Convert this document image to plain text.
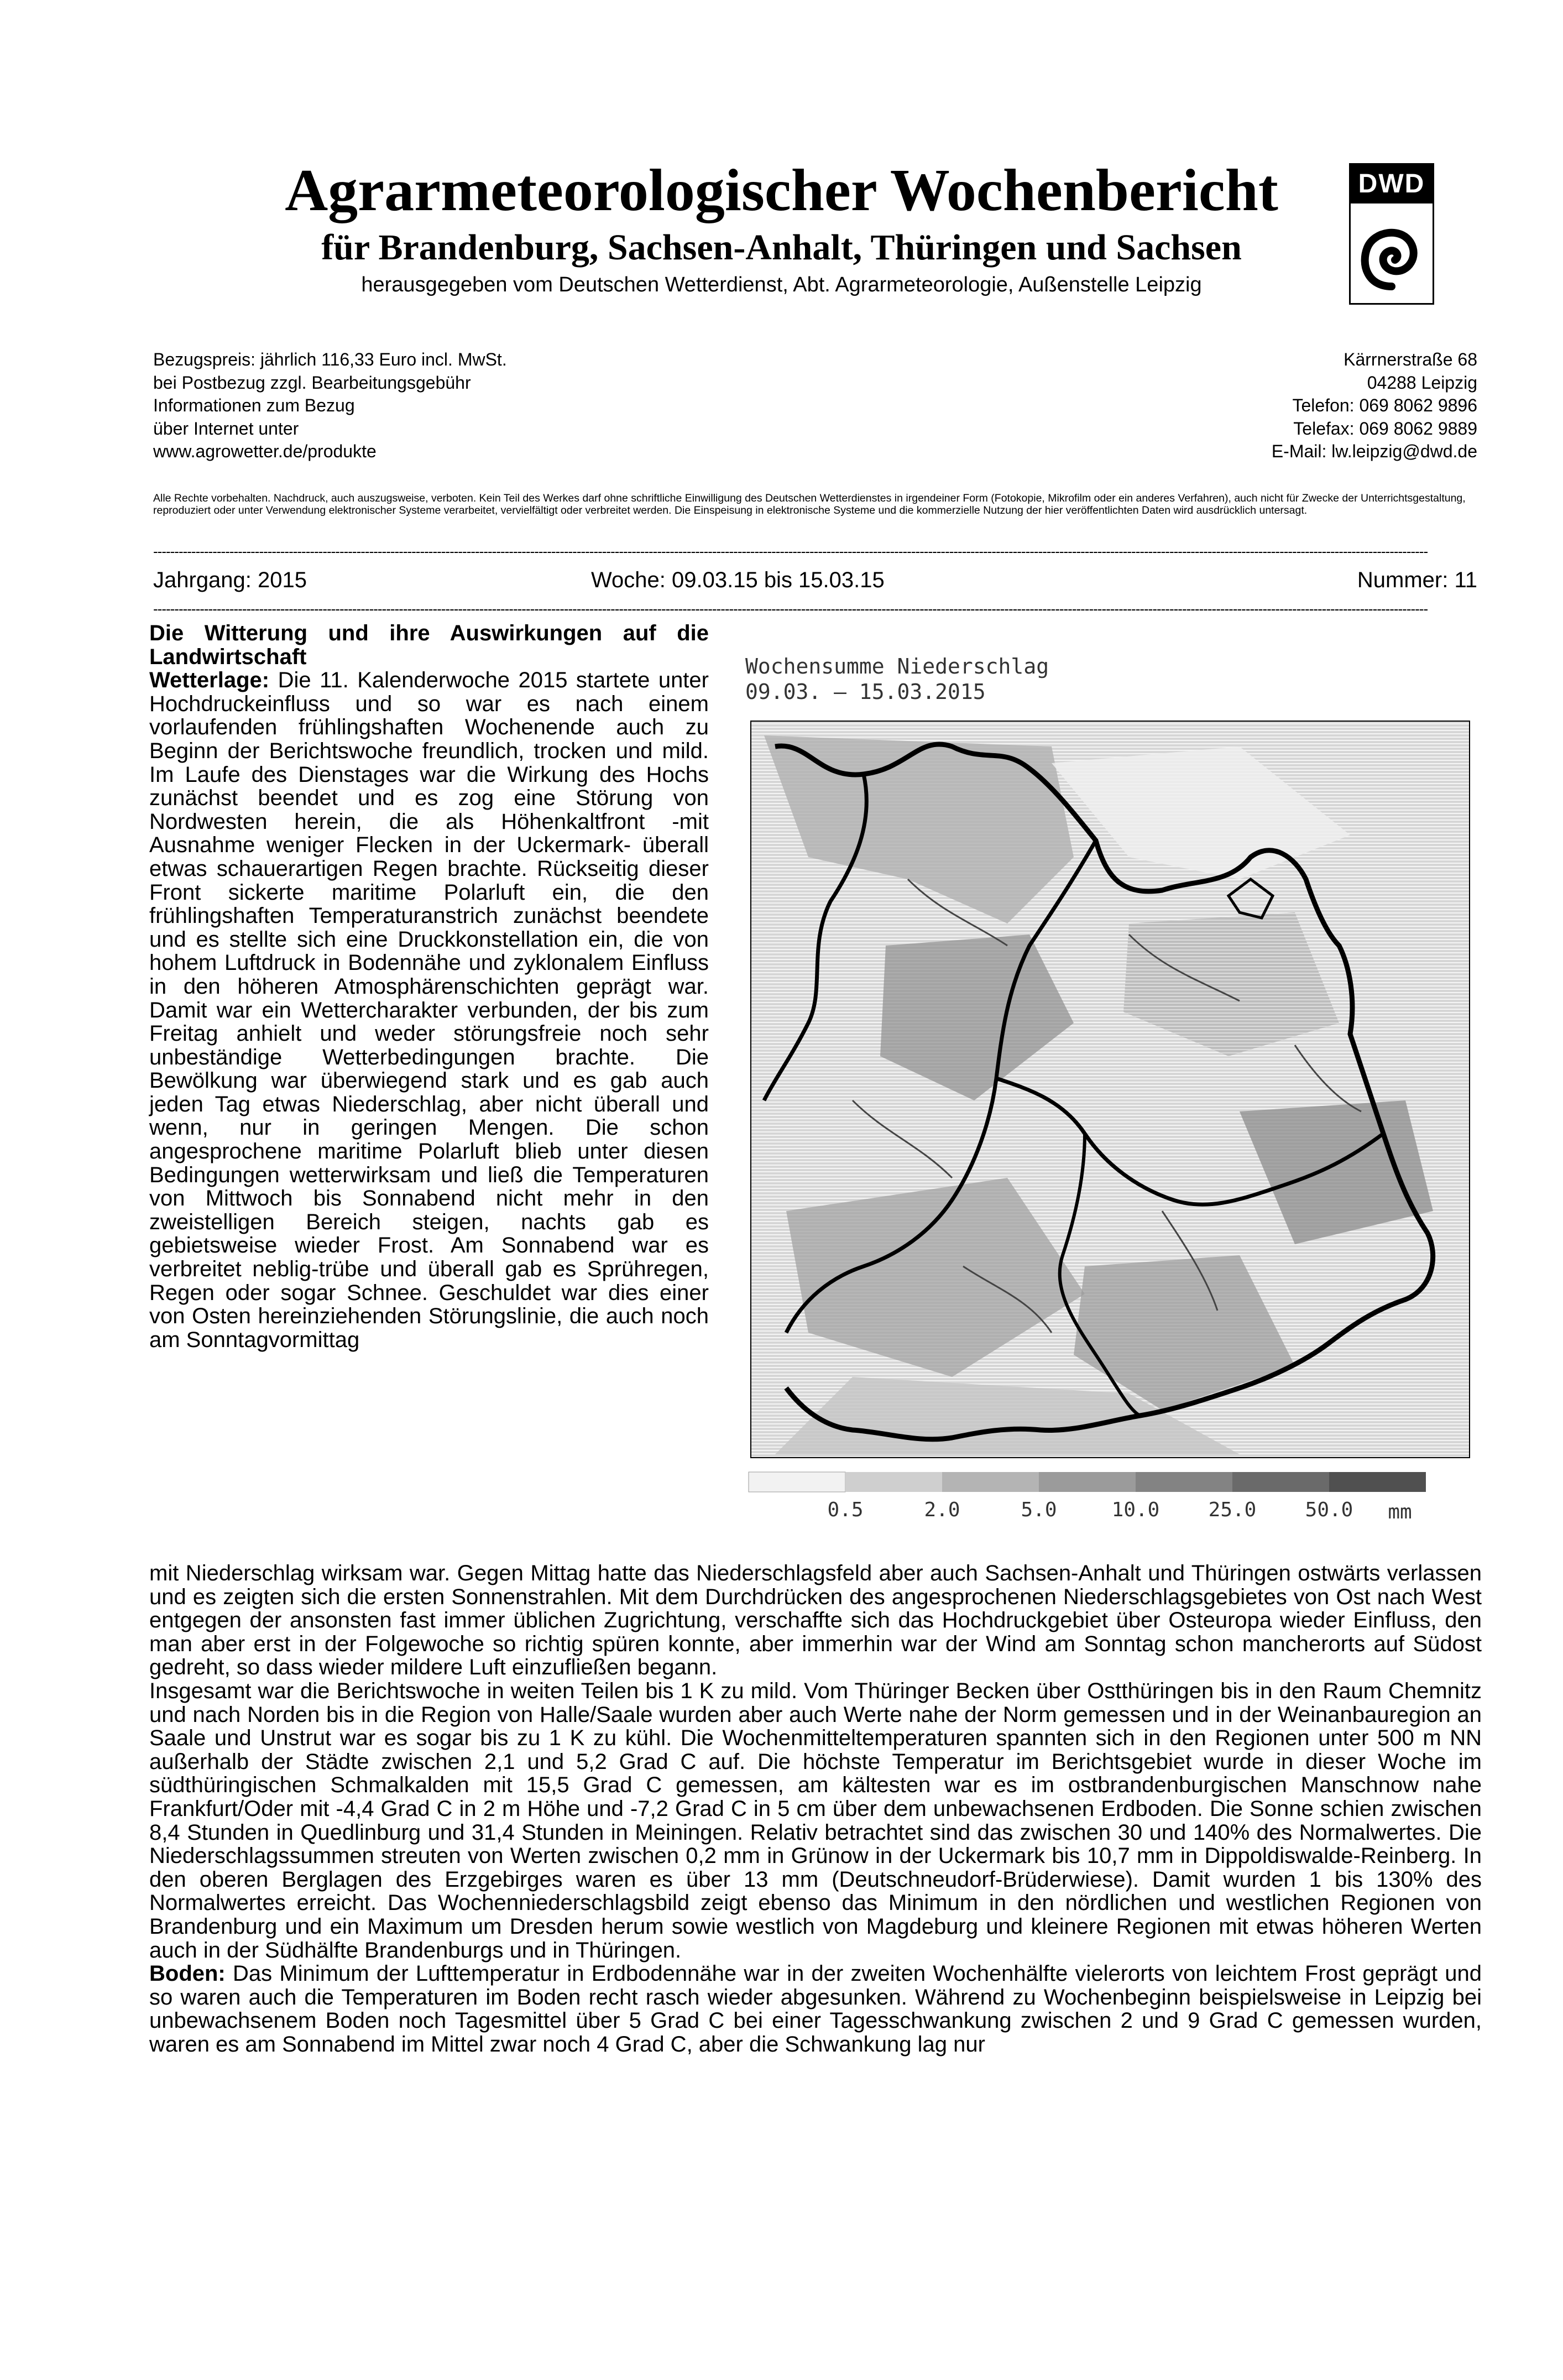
Agrarmeteorologischer Wochenbericht
für Brandenburg, Sachsen-Anhalt, Thüringen und Sachsen
herausgegeben vom Deutschen Wetterdienst, Abt. Agrarmeteorologie, Außenstelle Leipzig
DWD
Bezugspreis: jährlich 116,33 Euro incl. MwSt.
bei Postbezug zzgl. Bearbeitungsgebühr
Informationen zum Bezug
über Internet unter
www.agrowetter.de/produkte
Kärrnerstraße 68
04288 Leipzig
Telefon: 069 8062 9896
Telefax: 069 8062 9889
E-Mail: lw.leipzig@dwd.de
Alle Rechte vorbehalten. Nachdruck, auch auszugsweise, verboten. Kein Teil des Werkes darf ohne schriftliche Einwilligung des Deutschen Wetterdienstes in irgendeiner Form (Fotokopie, Mikrofilm oder ein anderes Verfahren), auch nicht für Zwecke der Unterrichtsgestaltung, reproduziert oder unter Verwendung elektronischer Systeme verarbeitet, vervielfältigt oder verbreitet werden. Die Einspeisung in elektronische Systeme und die kommerzielle Nutzung der hier veröffentlichten Daten wird ausdrücklich untersagt.
-------------------------------------------------------------------------------------------------------------------------------------------------------------------------------------------------------------------------------------------------------------------------------------------------------------
Jahrgang: 2015	Woche: 09.03.15 bis 15.03.15	Nummer: 11
-------------------------------------------------------------------------------------------------------------------------------------------------------------------------------------------------------------------------------------------------------------------------------------------------------------

Die Witterung und ihre Auswirkungen auf die Landwirtschaft

Wetterlage: Die 11. Kalenderwoche 2015 startete unter Hochdruckeinfluss und so war es nach einem vorlaufenden frühlingshaften Wochenende auch zu Beginn der Berichtswoche freundlich, trocken und mild. Im Laufe des Dienstages war die Wirkung des Hochs zunächst beendet und es zog eine Störung von Nordwesten herein, die als Höhenkaltfront -mit Ausnahme weniger Flecken in der Uckermark- überall etwas schauerartigen Regen brachte. Rückseitig dieser Front sickerte maritime Polarluft ein, die den frühlingshaften Temperaturanstrich zunächst beendete und es stellte sich eine Druckkonstellation ein, die von hohem Luftdruck in Bodennähe und zyklonalem Einfluss in den höheren Atmosphärenschichten geprägt war. Damit war ein Wettercharakter verbunden, der bis zum Freitag anhielt und weder störungsfreie noch sehr unbeständige Wetterbedingungen brachte. Die Bewölkung war überwiegend stark und es gab auch jeden Tag etwas Niederschlag, aber nicht überall und wenn, nur in geringen Mengen. Die schon angesprochene maritime Polarluft blieb unter diesen Bedingungen wetterwirksam und ließ die Temperaturen von Mittwoch bis Sonnabend nicht mehr in den zweistelligen Bereich steigen, nachts gab es gebietsweise wieder Frost. Am Sonnabend war es verbreitet neblig-trübe und überall gab es Sprühregen, Regen oder sogar Schnee. Geschuldet war dies einer von Osten hereinziehenden Störungslinie, die auch noch am Sonntagvormittag

Wochensumme Niederschlag
09.03. – 15.03.2015
0.5	2.0	5.0	10.0 25.0 50.0 mm

mit Niederschlag wirksam war. Gegen Mittag hatte das Niederschlagsfeld aber auch Sachsen-Anhalt und Thüringen ostwärts verlassen und es zeigten sich die ersten Sonnenstrahlen. Mit dem Durchdrücken des angesprochenen Niederschlagsgebietes von Ost nach West entgegen der ansonsten fast immer üblichen Zugrichtung, verschaffte sich das Hochdruckgebiet über Osteuropa wieder Einfluss, den man aber erst in der Folgewoche so richtig spüren konnte, aber immerhin war der Wind am Sonntag schon mancherorts auf Südost gedreht, so dass wieder mildere Luft einzufließen begann.

Insgesamt war die Berichtswoche in weiten Teilen bis 1 K zu mild. Vom Thüringer Becken über Ostthüringen bis in den Raum Chemnitz und nach Norden bis in die Region von Halle/Saale wurden aber auch Werte nahe der Norm gemessen und in der Weinanbauregion an Saale und Unstrut war es sogar bis zu 1 K zu kühl. Die Wochenmitteltemperaturen spannten sich in den Regionen unter 500 m NN außerhalb der Städte zwischen 2,1 und 5,2 Grad C auf. Die höchste Temperatur im Berichtsgebiet wurde in dieser Woche im südthüringischen Schmalkalden mit 15,5 Grad C gemessen, am kältesten war es im ostbrandenburgischen Manschnow nahe Frankfurt/Oder mit -4,4 Grad C in 2 m Höhe und -7,2 Grad C in 5 cm über dem unbewachsenen Erdboden. Die Sonne schien zwischen 8,4 Stunden in Quedlinburg und 31,4 Stunden in Meiningen. Relativ betrachtet sind das zwischen 30 und 140% des Normalwertes. Die Niederschlagssummen streuten von Werten zwischen 0,2 mm in Grünow in der Uckermark bis 10,7 mm in Dippoldiswalde-Reinberg. In den oberen Berglagen des Erzgebirges waren es über 13 mm (Deutschneudorf-Brüderwiese). Damit wurden 1 bis 130% des Normalwertes erreicht. Das Wochenniederschlagsbild zeigt ebenso das Minimum in den nördlichen und westlichen Regionen von Brandenburg und ein Maximum um Dresden herum sowie westlich von Magdeburg und kleinere Regionen mit etwas höheren Werten auch in der Südhälfte Brandenburgs und in Thüringen.

Boden: Das Minimum der Lufttemperatur in Erdbodennähe war in der zweiten Wochenhälfte vielerorts von leichtem Frost geprägt und so waren auch die Temperaturen im Boden recht rasch wieder abgesunken. Während zu Wochenbeginn beispielsweise in Leipzig bei unbewachsenem Boden noch Tagesmittel über 5 Grad C bei einer Tagesschwankung zwischen 2 und 9 Grad C gemessen wurden, waren es am Sonnabend im Mittel zwar noch 4 Grad C, aber die Schwankung lag nur
